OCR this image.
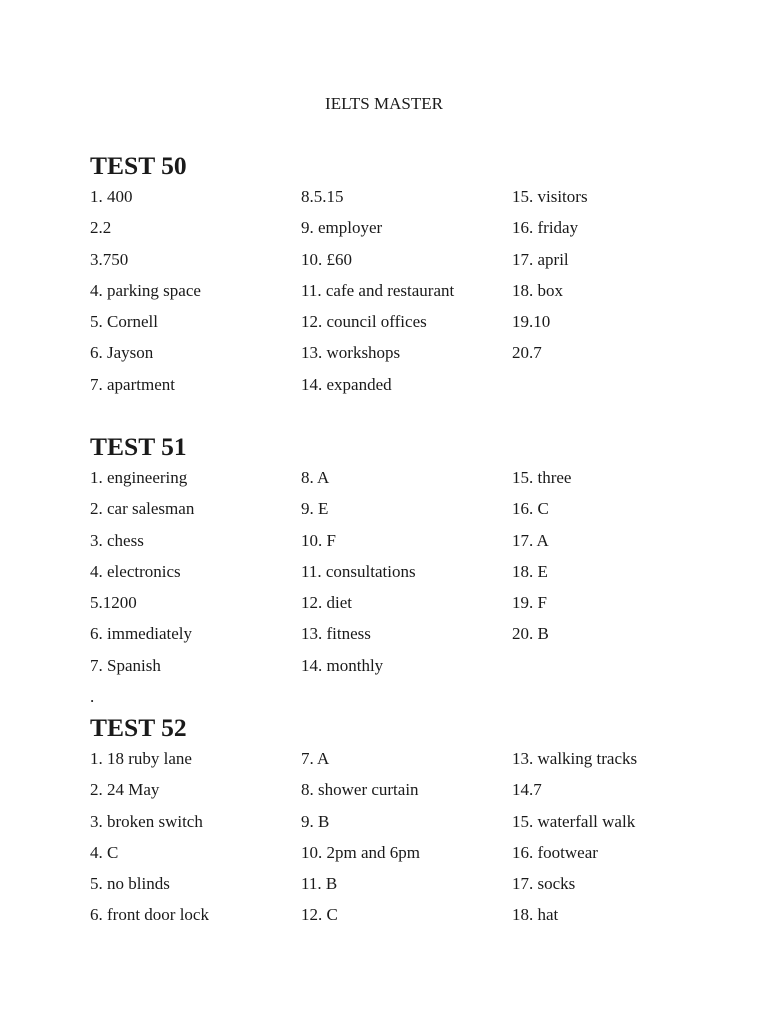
IELTS MASTER
TEST 50
1. 400	8.5.15	15. visitors
2.2	9. employer	16. friday
3.750	10. £60	17. april
4. parking space	11. cafe and restaurant	18. box
5. Cornell	12. council offices	19.10
6. Jayson	13. workshops	20.7
7. apartment	14. expanded
TEST 51
1. engineering	8. A	15. three
2. car salesman	9. E	16. C
3. chess	10. F	17. A
4. electronics	11. consultations	18. E
5.1200	12. diet	19. F
6. immediately	13. fitness	20. B
7. Spanish	14. monthly
.
TEST 52
1. 18 ruby lane	7. A	13. walking tracks
2. 24 May	8. shower curtain	14.7
3. broken switch	9. B	15. waterfall walk
4. C	10. 2pm and 6pm	16. footwear
5. no blinds	11. B	17. socks
6. front door lock	12. C	18. hat
